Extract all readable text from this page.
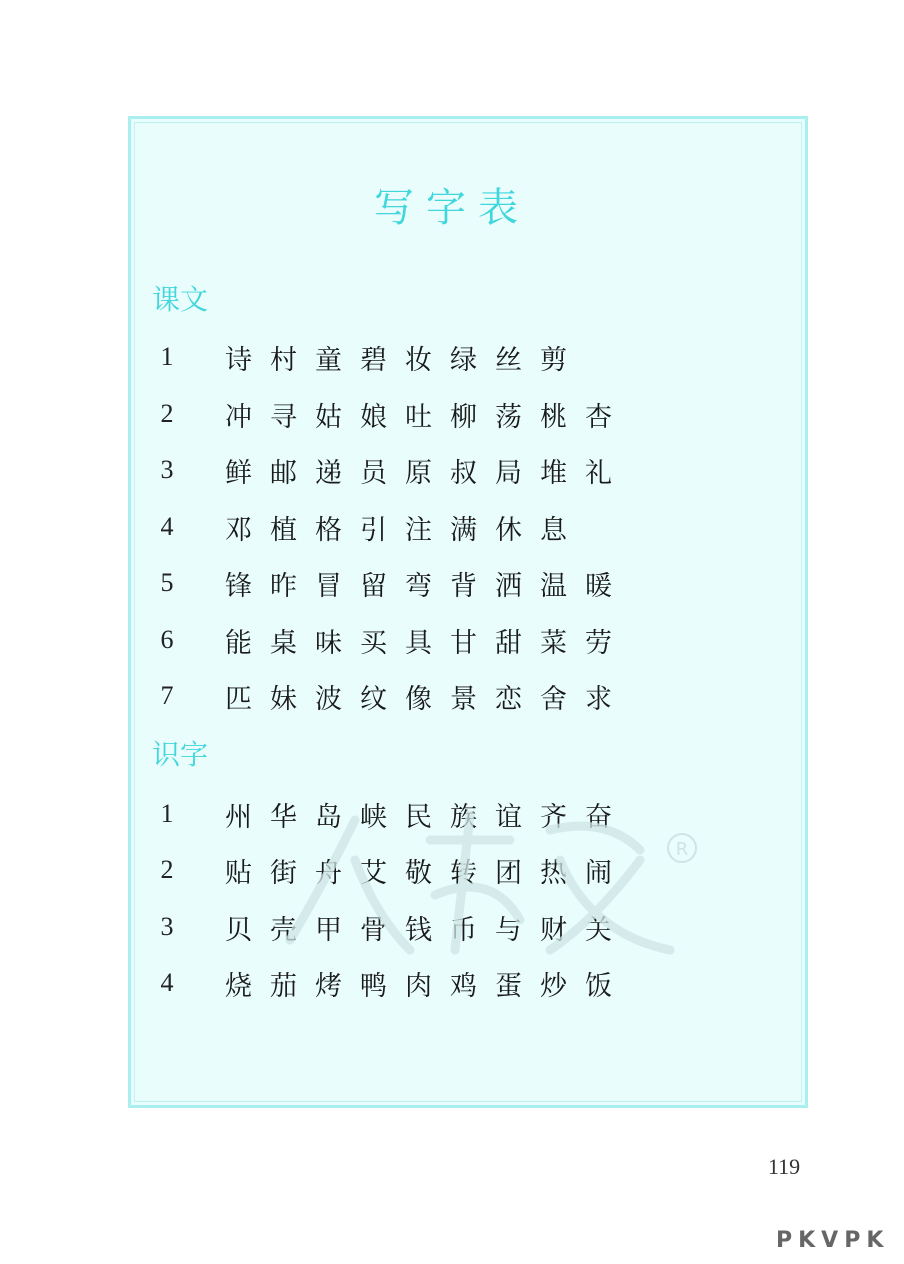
写字表
课文
1	诗 村 童 碧 妆 绿 丝 剪
2	冲 寻 姑 娘 吐 柳 荡 桃 杏
3	鲜 邮 递 员 原 叔 局 堆 礼
4	邓 植 格 引 注 满 休 息
5	锋 昨 冒 留 弯 背 洒 温 暖
6	能 桌 味 买 具 甘 甜 菜 劳
7	匹 妹 波 纹 像 景 恋 舍 求
识字
1	州 华 岛 峡 民 族 谊 齐 奋
2	贴 街 舟 艾 敬 转 团 热 闹
3	贝 壳 甲 骨 钱 币 与 财 关
4	烧 茄 烤 鸭 肉 鸡 蛋 炒 饭
R
119
PKVPK
